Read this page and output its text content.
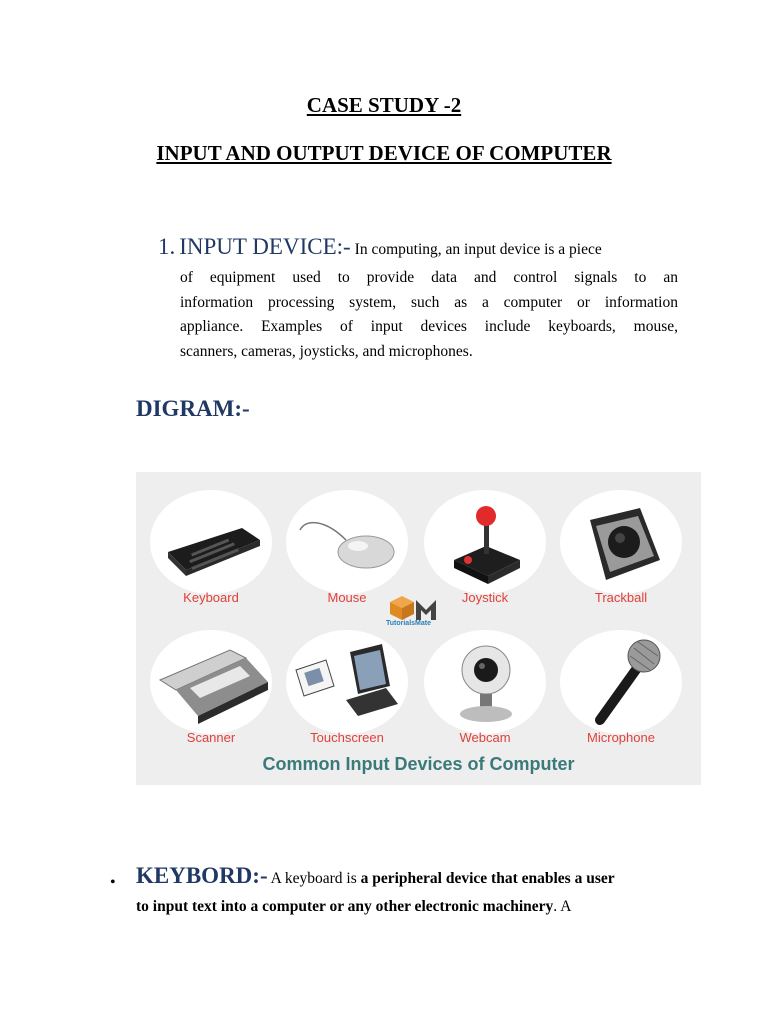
CASE STUDY -2
INPUT AND OUTPUT DEVICE OF COMPUTER
1. INPUT DEVICE:- In computing, an input device is a piece
of equipment used to provide data and control signals to an
information processing system, such as a computer or information
appliance. Examples of input devices include keyboards, mouse,
scanners, cameras, joysticks, and microphones.
DIGRAM:-
Keyboard	Mouse	Joystick	Trackball
TutorialsMate
Scanner	Touchscreen	Webcam	Microphone
Common Input Devices of Computer
• KEYBORD:- A keyboard is a peripheral device that enables a user
to input text into a computer or any other electronic machinery. A
